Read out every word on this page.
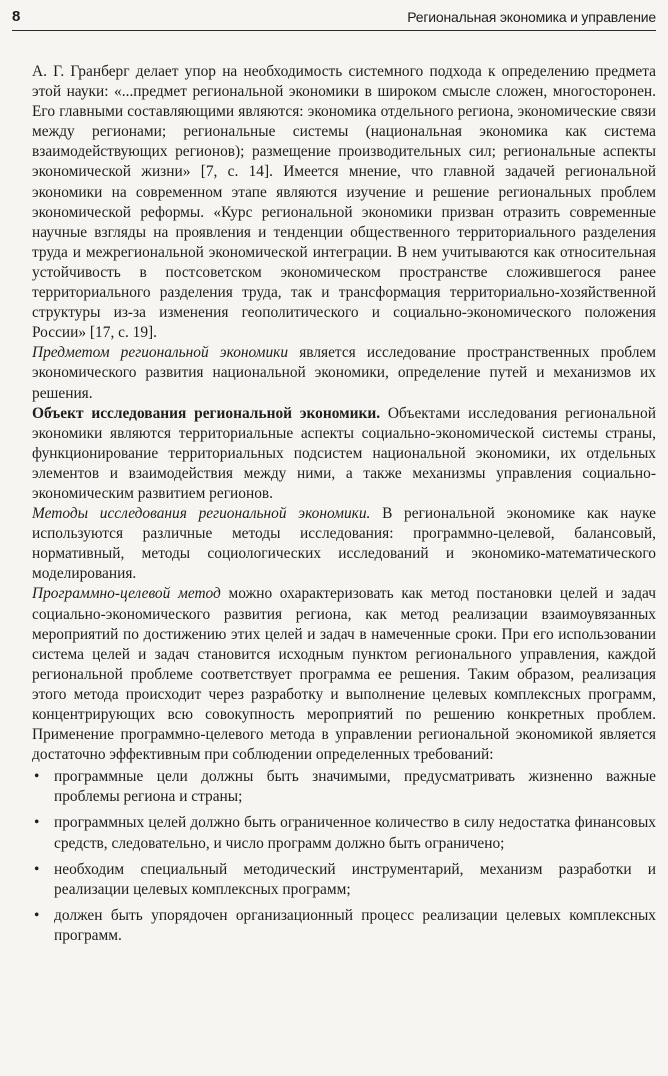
8	Региональная экономика и управление

А. Г. Гранберг делает упор на необходимость системного подхода к определению предмета этой науки: «...предмет региональной экономики в широком смысле сложен, многосторонен. Его главными составляющими являются: экономика отдельного региона, экономические связи между регионами; региональные системы (национальная экономика как система взаимодействующих регионов); размещение производительных сил; региональные аспекты экономической жизни» [7, с. 14]. Имеется мнение, что главной задачей региональной экономики на современном этапе являются изучение и решение региональных проблем экономической реформы. «Курс региональной экономики призван отразить современные научные взгляды на проявления и тенденции общественного территориального разделения труда и межрегиональной экономической интеграции. В нем учитываются как относительная устойчивость в постсоветском экономическом пространстве сложившегося ранее территориального разделения труда, так и трансформация территориально-хозяйственной структуры из-за изменения геополитического и социально-экономического положения России» [17, с. 19].

Предметом региональной экономики является исследование пространственных проблем экономического развития национальной экономики, определение путей и механизмов их решения.

Объект исследования региональной экономики. Объектами исследования региональной экономики являются территориальные аспекты социально-экономической системы страны, функционирование территориальных подсистем национальной экономики, их отдельных элементов и взаимодействия между ними, а также механизмы управления социально-экономическим развитием регионов.

Методы исследования региональной экономики. В региональной экономике как науке используются различные методы исследования: программно-целевой, балансовый, нормативный, методы социологических исследований и экономико-математического моделирования.

Программно-целевой метод можно охарактеризовать как метод постановки целей и задач социально-экономического развития региона, как метод реализации взаимоувязанных мероприятий по достижению этих целей и задач в намеченные сроки. При его использовании система целей и задач становится исходным пунктом регионального управления, каждой региональной проблеме соответствует программа ее решения. Таким образом, реализация этого метода происходит через разработку и выполнение целевых комплексных программ, концентрирующих всю совокупность мероприятий по решению конкретных проблем. Применение программно-целевого метода в управлении региональной экономикой является достаточно эффективным при соблюдении определенных требований:

• программные цели должны быть значимыми, предусматривать жизненно важные проблемы региона и страны;
• программных целей должно быть ограниченное количество в силу недостатка финансовых средств, следовательно, и число программ должно быть ограничено;
• необходим специальный методический инструментарий, механизм разработки и реализации целевых комплексных программ;
• должен быть упорядочен организационный процесс реализации целевых комплексных программ.
